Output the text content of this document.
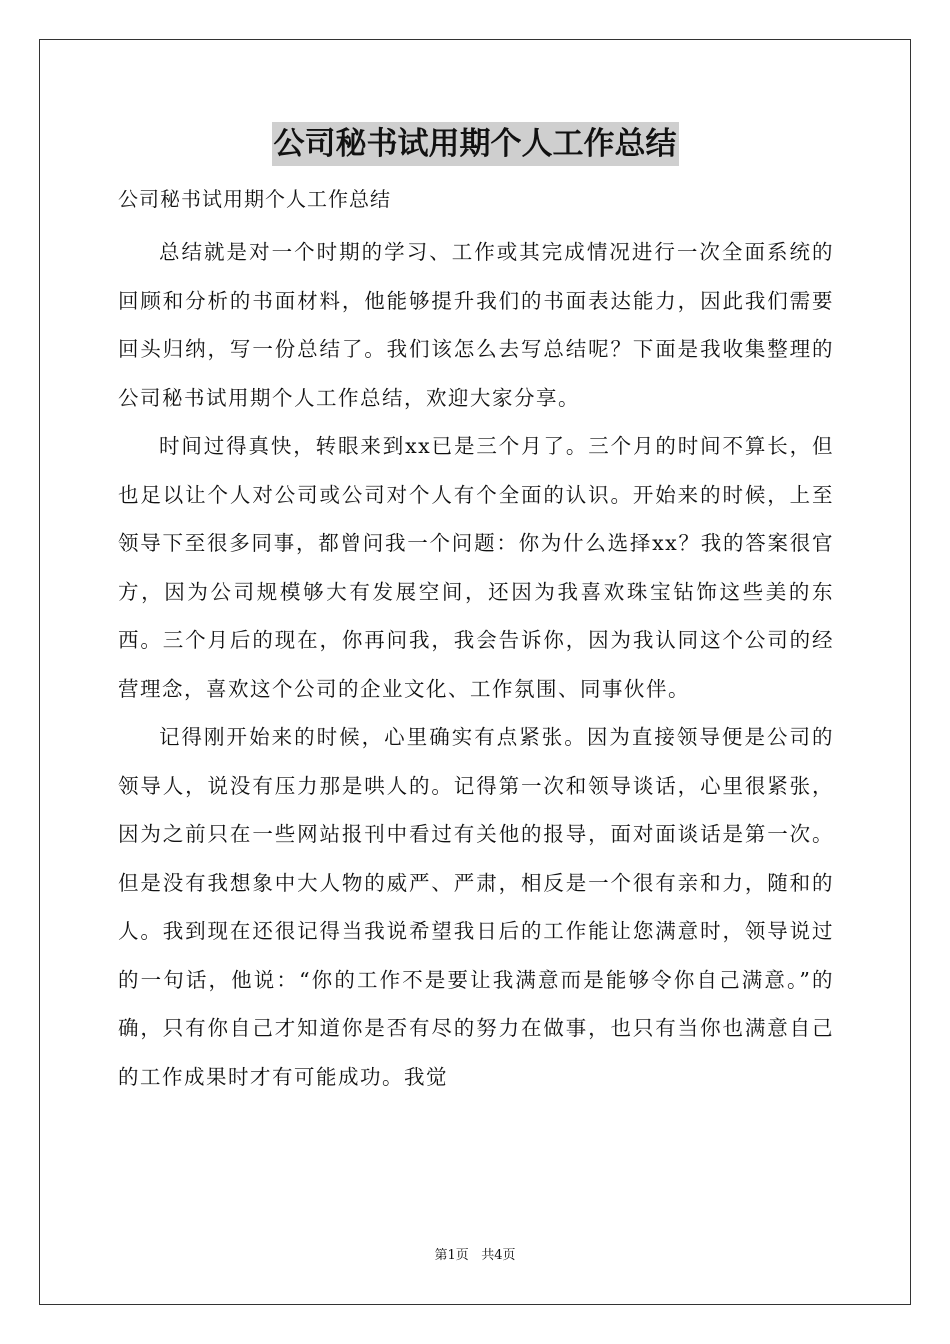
公司秘书试用期个人工作总结
公司秘书试用期个人工作总结

总结就是对一个时期的学习、工作或其完成情况进行一次全面系统的回顾和分析的书面材料，他能够提升我们的书面表达能力，因此我们需要回头归纳，写一份总结了。我们该怎么去写总结呢？下面是我收集整理的公司秘书试用期个人工作总结，欢迎大家分享。

时间过得真快，转眼来到xx已是三个月了。三个月的时间不算长，但也足以让个人对公司或公司对个人有个全面的认识。开始来的时候，上至领导下至很多同事，都曾问我一个问题：你为什么选择xx？我的答案很官方，因为公司规模够大有发展空间，还因为我喜欢珠宝钻饰这些美的东西。三个月后的现在，你再问我，我会告诉你，因为我认同这个公司的经营理念，喜欢这个公司的企业文化、工作氛围、同事伙伴。

记得刚开始来的时候，心里确实有点紧张。因为直接领导便是公司的领导人，说没有压力那是哄人的。记得第一次和领导谈话，心里很紧张，因为之前只在一些网站报刊中看过有关他的报导，面对面谈话是第一次。但是没有我想象中大人物的威严、严肃，相反是一个很有亲和力，随和的人。我到现在还很记得当我说希望我日后的工作能让您满意时，领导说过的一句话，他说：“你的工作不是要让我满意而是能够令你自己满意。”的确，只有你自己才知道你是否有尽的努力在做事，也只有当你也满意自己的工作成果时才有可能成功。我觉

第1页 共4页
